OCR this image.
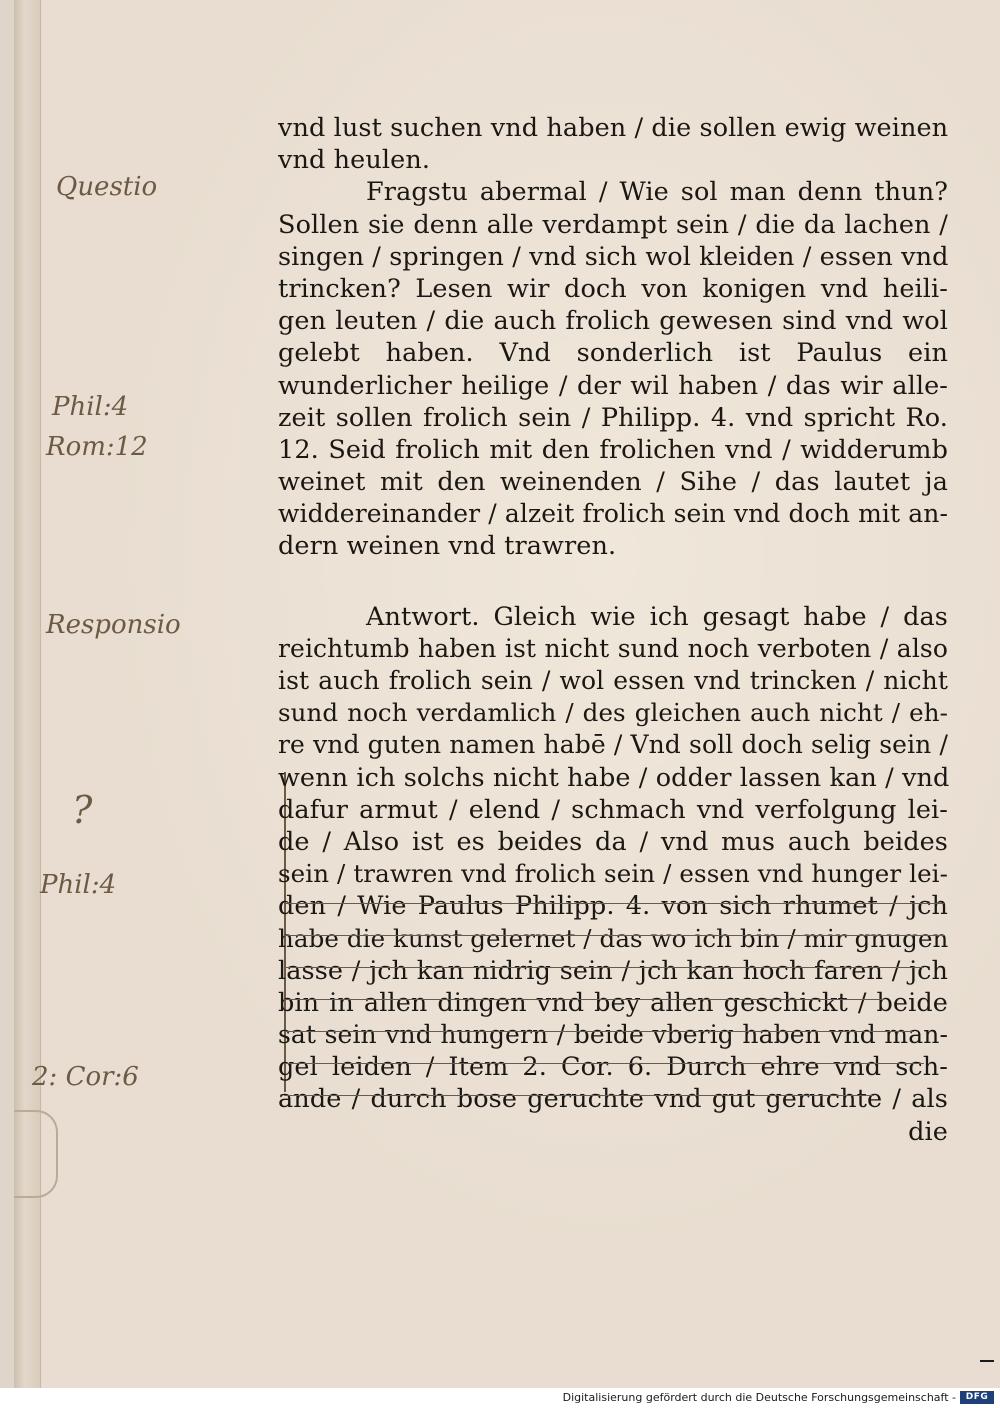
Questio
Phil:4
Rom:12
Responsio
?
Phil:4
2: Cor:6
vnd lust suchen vnd haben / die sollen ewig weinen
vnd heulen.
Fragstu abermal / Wie sol man denn thun?
Sollen sie denn alle verdampt sein / die da lachen /
singen / springen / vnd sich wol kleiden / essen vnd
trincken? Lesen wir doch von konigen vnd heili-
gen leuten / die auch frolich gewesen sind vnd wol
gelebt haben. Vnd sonderlich ist Paulus ein
wunderlicher heilige / der wil haben / das wir alle-
zeit sollen frolich sein / Philipp. 4. vnd spricht Ro.
12. Seid frolich mit den frolichen vnd / widderumb
weinet mit den weinenden / Sihe / das lautet ja
widdereinander / alzeit frolich sein vnd doch mit an-
dern weinen vnd trawren.
Antwort. Gleich wie ich gesagt habe / das
reichtumb haben ist nicht sund noch verboten / also
ist auch frolich sein / wol essen vnd trincken / nicht
sund noch verdamlich / des gleichen auch nicht / eh-
re vnd guten namen habē / Vnd soll doch selig sein /
wenn ich solchs nicht habe / odder lassen kan / vnd
dafur armut / elend / schmach vnd verfolgung lei-
de / Also ist es beides da / vnd mus auch beides
sein / trawren vnd frolich sein / essen vnd hunger lei-
den / Wie Paulus Philipp. 4. von sich rhumet / jch
habe die kunst gelernet / das wo ich bin / mir gnugen
lasse / jch kan nidrig sein / jch kan hoch faren / jch
bin in allen dingen vnd bey allen geschickt / beide
sat sein vnd hungern / beide vberig haben vnd man-
gel leiden / Item 2. Cor. 6. Durch ehre vnd sch-
ande / durch bose geruchte vnd gut geruchte / als
die
Digitalisierung gefördert durch die Deutsche Forschungsgemeinschaft -	DFG
